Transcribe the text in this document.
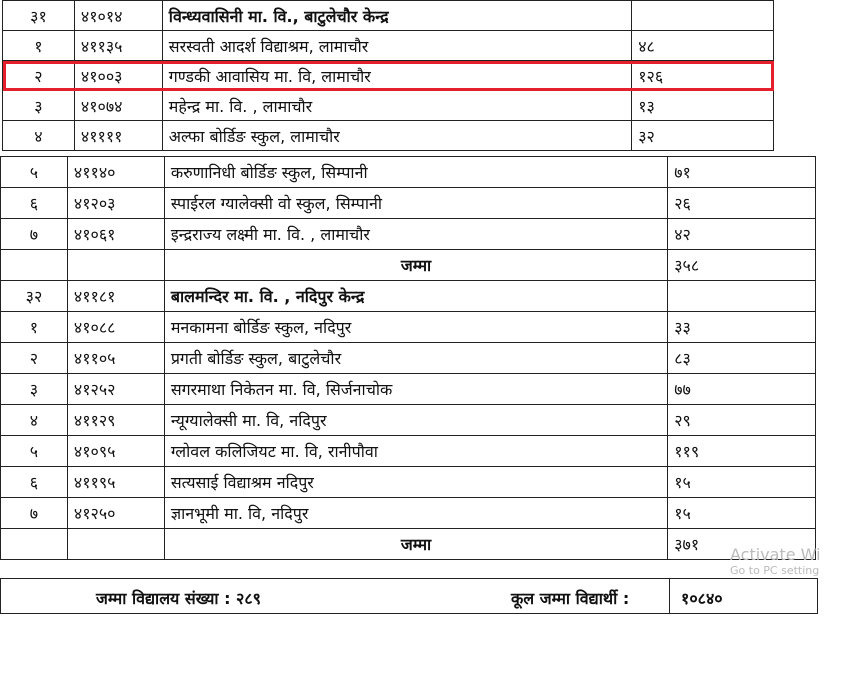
३१	४१०१४	विन्ध्यवासिनी मा. वि., बाटुलेचौर केन्द्र	
१	४११३५	सरस्वती आदर्श विद्याश्रम, लामाचौर	४८
२	४१००३	गण्डकी आवासिय मा. वि, लामाचौर	१२६
३	४१०७४	महेन्द्र मा. वि. , लामाचौर	१३
४	४११११	अल्फा बोर्डिङ स्कुल, लामाचौर	३२
५	४११४०	करुणानिधी बोर्डिङ स्कुल, सिम्पानी	७१
६	४१२०३	स्पाईरल ग्यालेक्सी वो स्कुल, सिम्पानी	२६
७	४१०६१	इन्द्रराज्य लक्ष्मी मा. वि. , लामाचौर	४२
		जम्मा	३५८
३२	४११८१	बालमन्दिर मा. वि. , नदिपुर केन्द्र	
१	४१०८८	मनकामना बोर्डिङ स्कुल, नदिपुर	३३
२	४११०५	प्रगती बोर्डिङ स्कुल, बाटुलेचौर	८३
३	४१२५२	सगरमाथा निकेतन मा. वि, सिर्जनाचोक	७७
४	४११२९	न्यूग्यालेक्सी मा. वि, नदिपुर	२९
५	४१०९५	ग्लोवल कलिजियट मा. वि, रानीपौवा	११९
६	४११९५	सत्यसाई विद्याश्रम नदिपुर	१५
७	४१२५०	ज्ञानभूमी मा. वि, नदिपुर	१५
		जम्मा	३७१
जम्मा विद्यालय संख्या : २८९	कूल जम्मा विद्यार्थी :	१०८४०
Activate Wi
Go to PC setting
